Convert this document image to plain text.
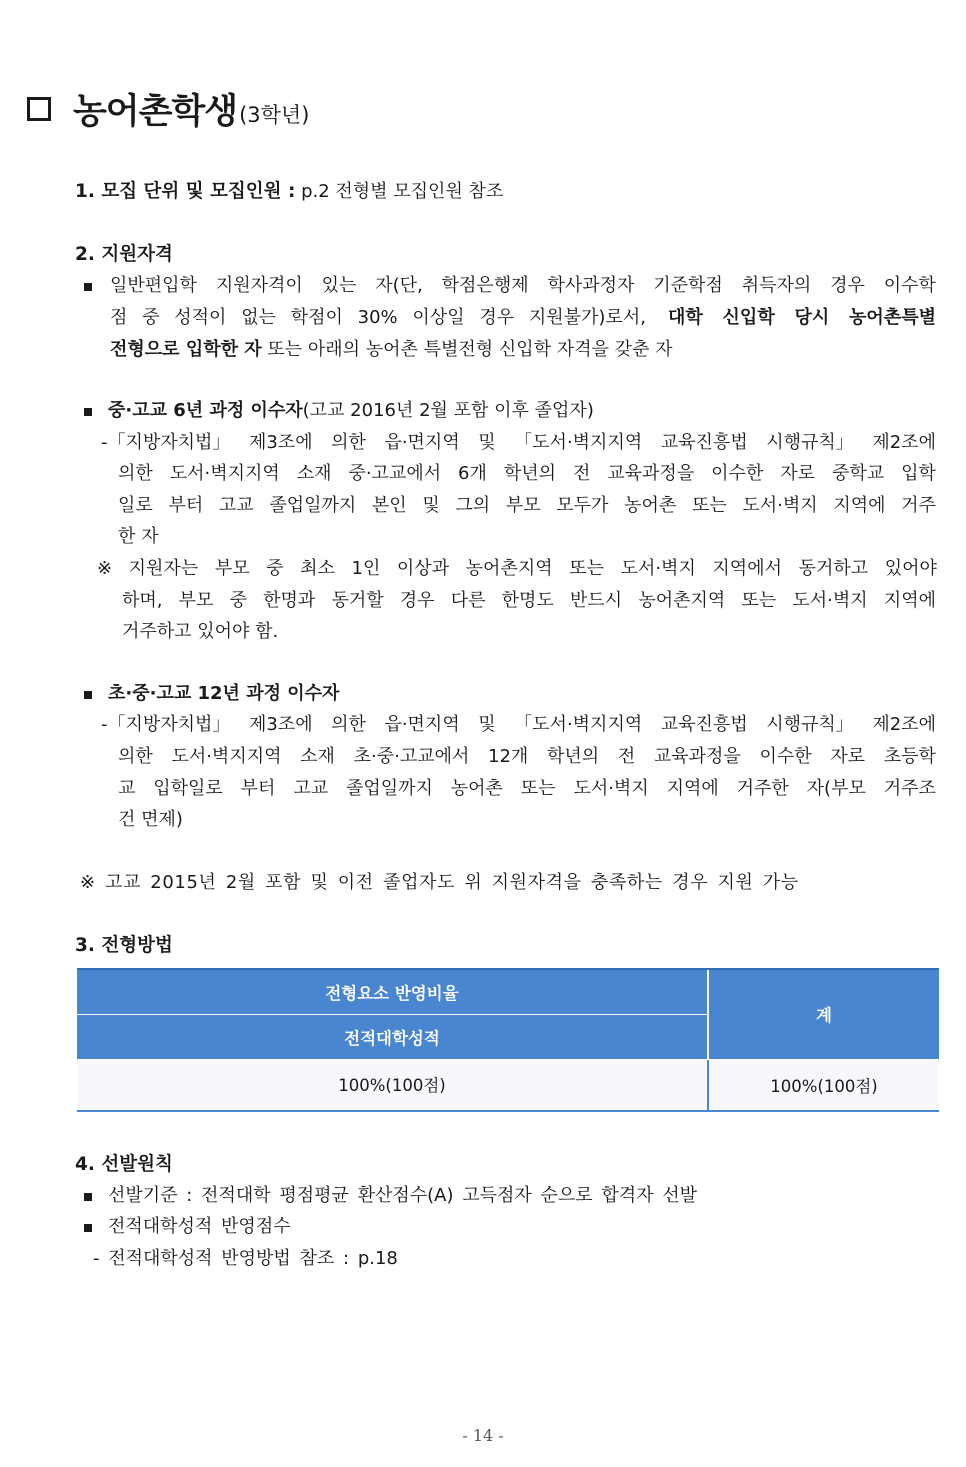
농어촌학생 (3학년)
1. 모집 단위 및 모집인원 : p.2 전형별 모집인원 참조
2. 지원자격
일반편입학 지원자격이 있는 자(단, 학점은행제 학사과정자 기준학점 취득자의 경우 이수학
점 중 성적이 없는 학점이 30% 이상일 경우 지원불가)로서, 대학 신입학 당시 농어촌특별
전형으로 입학한 자 또는 아래의 농어촌 특별전형 신입학 자격을 갖춘 자
중·고교 6년 과정 이수자(고교 2016년 2월 포함 이후 졸업자)
-「지방자치법」 제3조에 의한 읍·면지역 및 「도서·벽지지역 교육진흥법 시행규칙」 제2조에
의한 도서·벽지지역 소재 중·고교에서 6개 학년의 전 교육과정을 이수한 자로 중학교 입학
일로 부터 고교 졸업일까지 본인 및 그의 부모 모두가 농어촌 또는 도서·벽지 지역에 거주
한 자
※ 지원자는 부모 중 최소 1인 이상과 농어촌지역 또는 도서·벽지 지역에서 동거하고 있어야
하며, 부모 중 한명과 동거할 경우 다른 한명도 반드시 농어촌지역 또는 도서·벽지 지역에
거주하고 있어야 함.
초·중·고교 12년 과정 이수자
-「지방자치법」 제3조에 의한 읍·면지역 및 「도서·벽지지역 교육진흥법 시행규칙」 제2조에
의한 도서·벽지지역 소재 초·중·고교에서 12개 학년의 전 교육과정을 이수한 자로 초등학
교 입학일로 부터 고교 졸업일까지 농어촌 또는 도서·벽지 지역에 거주한 자(부모 거주조
건 면제)
※ 고교 2015년 2월 포함 및 이전 졸업자도 위 지원자격을 충족하는 경우 지원 가능
3. 전형방법
전형요소 반영비율	계
전적대학성적	
100%(100점)	100%(100점)
4. 선발원칙
선발기준 : 전적대학 평점평균 환산점수(A) 고득점자 순으로 합격자 선발
전적대학성적 반영점수
- 전적대학성적 반영방법 참조 : p.18
- 14 -
